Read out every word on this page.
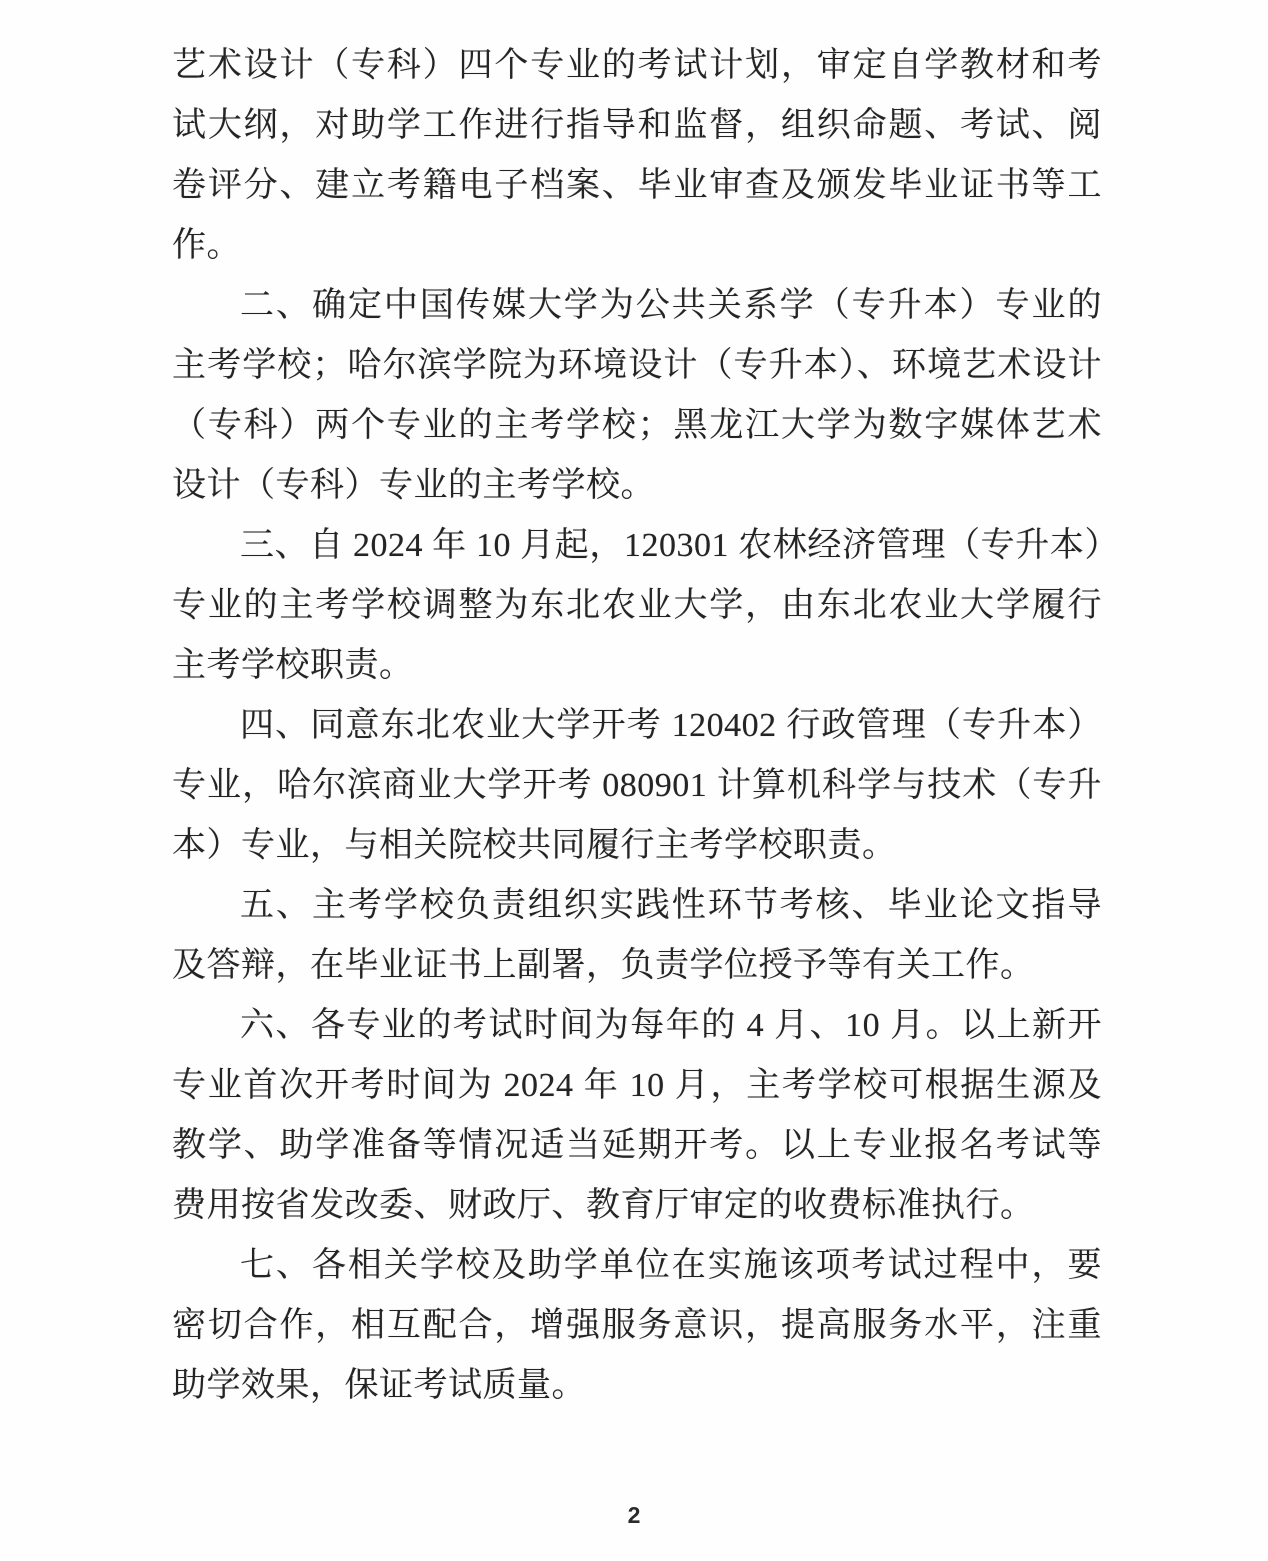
艺术设计（专科）四个专业的考试计划，审定自学教材和考试大纲，对助学工作进行指导和监督，组织命题、考试、阅卷评分、建立考籍电子档案、毕业审查及颁发毕业证书等工作。

二、确定中国传媒大学为公共关系学（专升本）专业的主考学校；哈尔滨学院为环境设计（专升本）、环境艺术设计（专科）两个专业的主考学校；黑龙江大学为数字媒体艺术设计（专科）专业的主考学校。

三、自 2024 年 10 月起，120301 农林经济管理（专升本）专业的主考学校调整为东北农业大学，由东北农业大学履行主考学校职责。

四、同意东北农业大学开考 120402 行政管理（专升本）专业，哈尔滨商业大学开考 080901 计算机科学与技术（专升本）专业，与相关院校共同履行主考学校职责。

五、主考学校负责组织实践性环节考核、毕业论文指导及答辩，在毕业证书上副署，负责学位授予等有关工作。

六、各专业的考试时间为每年的 4 月、10 月。以上新开专业首次开考时间为 2024 年 10 月，主考学校可根据生源及教学、助学准备等情况适当延期开考。以上专业报名考试等费用按省发改委、财政厅、教育厅审定的收费标准执行。

七、各相关学校及助学单位在实施该项考试过程中，要密切合作，相互配合，增强服务意识，提高服务水平，注重助学效果，保证考试质量。

2
